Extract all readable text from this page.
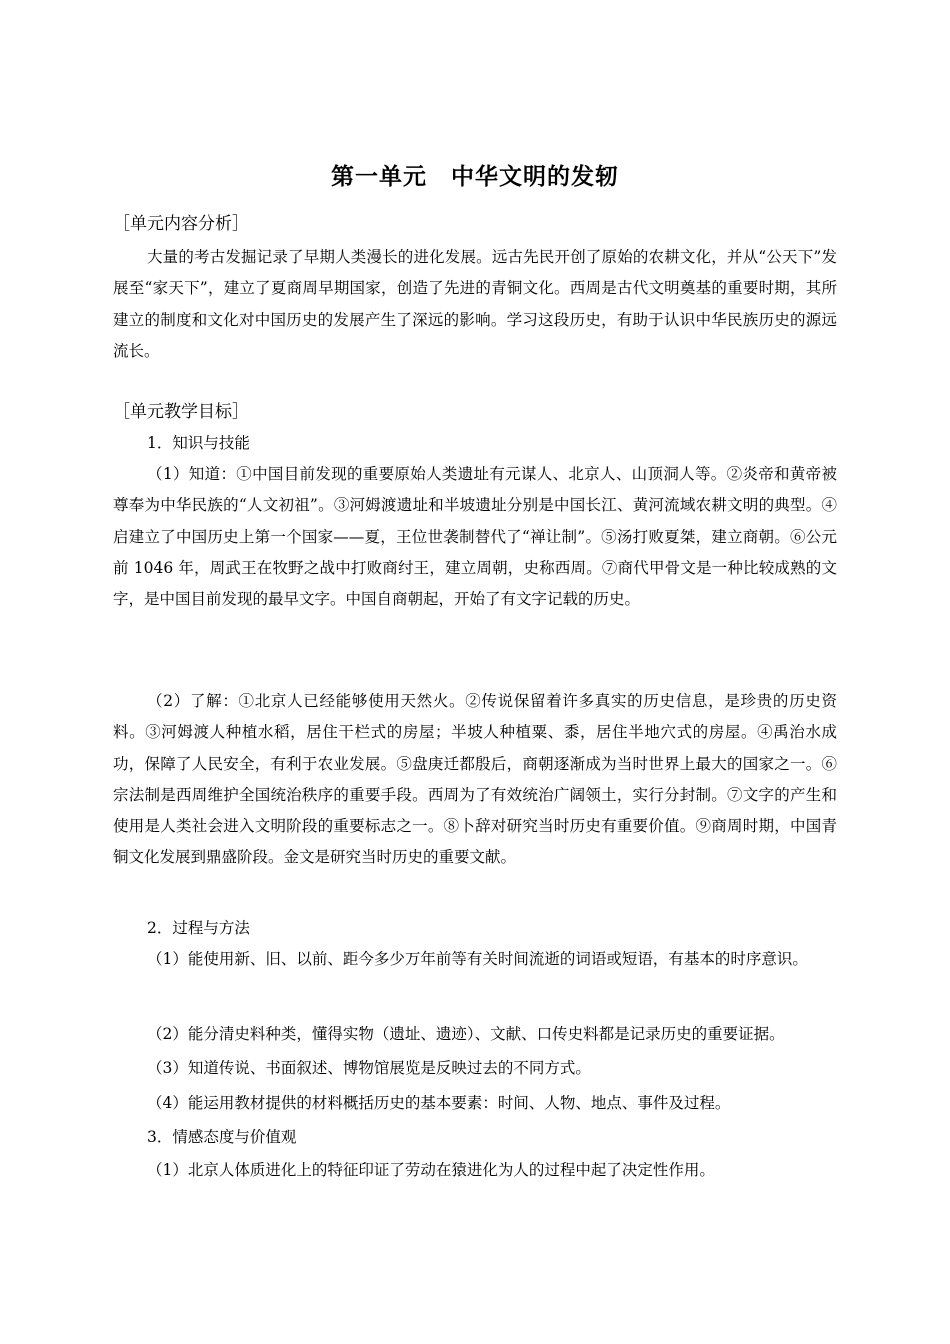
第一单元　中华文明的发轫
［单元内容分析］
大量的考古发掘记录了早期人类漫长的进化发展。远古先民开创了原始的农耕文化，并从“公天下”发展至“家天下”，建立了夏商周早期国家，创造了先进的青铜文化。西周是古代文明奠基的重要时期，其所建立的制度和文化对中国历史的发展产生了深远的影响。学习这段历史，有助于认识中华民族历史的源远流长。
［单元教学目标］
1．知识与技能
（1）知道：①中国目前发现的重要原始人类遗址有元谋人、北京人、山顶洞人等。②炎帝和黄帝被尊奉为中华民族的“人文初祖”。③河姆渡遗址和半坡遗址分别是中国长江、黄河流域农耕文明的典型。④启建立了中国历史上第一个国家——夏，王位世袭制替代了“禅让制”。⑤汤打败夏桀，建立商朝。⑥公元前 1046 年，周武王在牧野之战中打败商纣王，建立周朝，史称西周。⑦商代甲骨文是一种比较成熟的文字，是中国目前发现的最早文字。中国自商朝起，开始了有文字记载的历史。
（2）了解：①北京人已经能够使用天然火。②传说保留着许多真实的历史信息，是珍贵的历史资料。③河姆渡人种植水稻，居住干栏式的房屋；半坡人种植粟、黍，居住半地穴式的房屋。④禹治水成功，保障了人民安全，有利于农业发展。⑤盘庚迁都殷后，商朝逐渐成为当时世界上最大的国家之一。⑥宗法制是西周维护全国统治秩序的重要手段。西周为了有效统治广阔领土，实行分封制。⑦文字的产生和使用是人类社会进入文明阶段的重要标志之一。⑧卜辞对研究当时历史有重要价值。⑨商周时期，中国青铜文化发展到鼎盛阶段。金文是研究当时历史的重要文献。
2．过程与方法
（1）能使用新、旧、以前、距今多少万年前等有关时间流逝的词语或短语，有基本的时序意识。
（2）能分清史料种类，懂得实物（遗址、遗迹）、文献、口传史料都是记录历史的重要证据。
（3）知道传说、书面叙述、博物馆展览是反映过去的不同方式。
（4）能运用教材提供的材料概括历史的基本要素：时间、人物、地点、事件及过程。
3．情感态度与价值观
（1）北京人体质进化上的特征印证了劳动在猿进化为人的过程中起了决定性作用。
